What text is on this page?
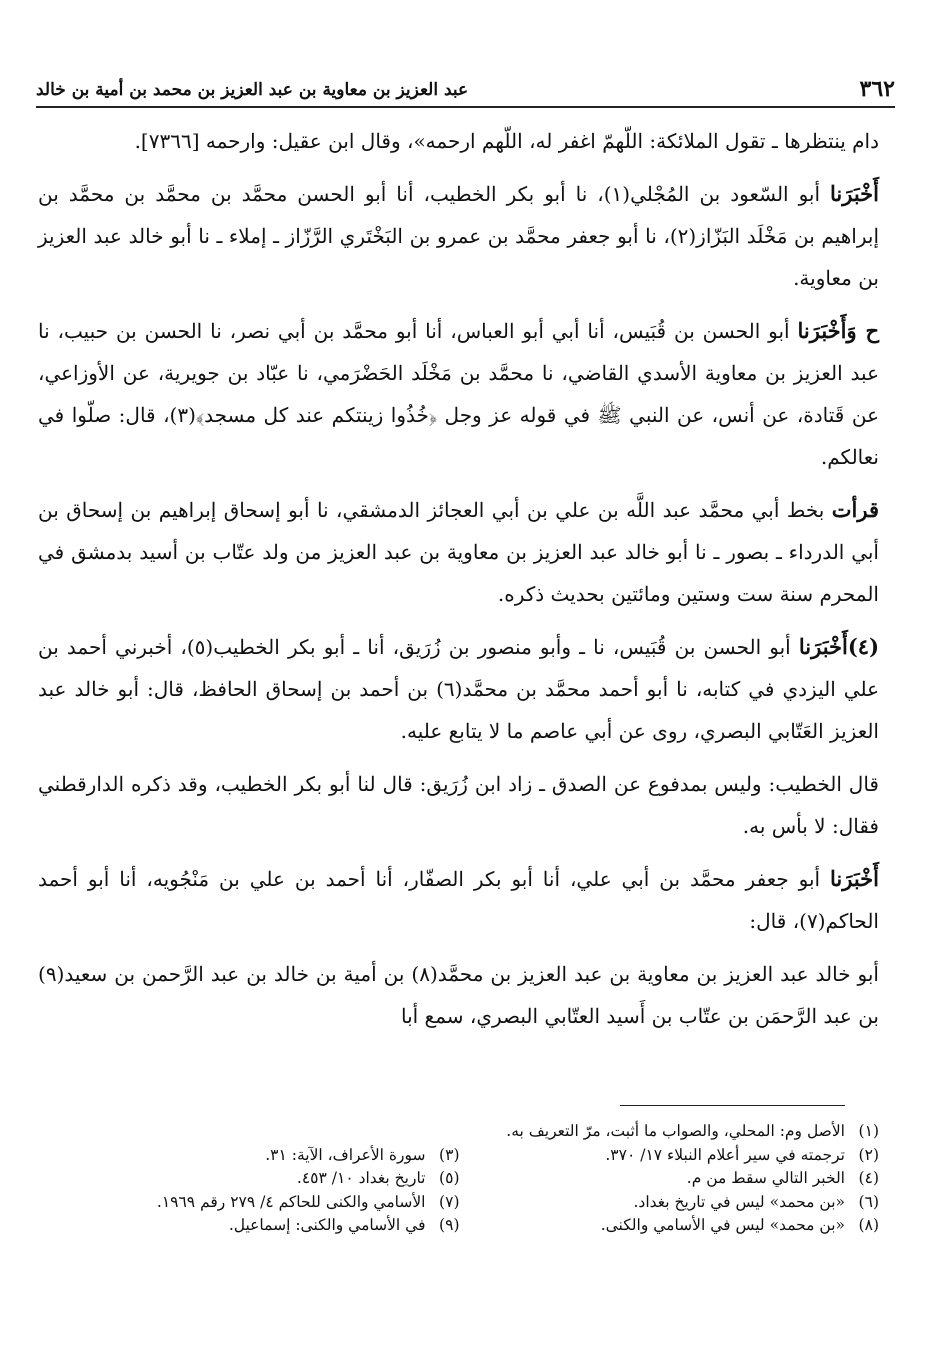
٣٦٢
عبد العزيز بن معاوية بن عبد العزيز بن محمد بن أمية بن خالد

دام ينتظرها ـ تقول الملائكة: اللّهمّ اغفر له، اللّهم ارحمه»، وقال ابن عقيل: وارحمه [٧٣٦٦].

أَخْبَرَنا أبو السّعود بن المُجْلي(١)، نا أبو بكر الخطيب، أنا أبو الحسن محمَّد بن محمَّد بن محمَّد بن إبراهيم بن مَخْلَد البَزّاز(٢)، نا أبو جعفر محمَّد بن عمرو بن البَخْتَري الرَّزّاز ـ إملاء ـ نا أبو خالد عبد العزيز بن معاوية.

ح وَأَخْبَرَنا أبو الحسن بن قُبَيس، أنا أبي أبو العباس، أنا أبو محمَّد بن أبي نصر، نا الحسن بن حبيب، نا عبد العزيز بن معاوية الأسدي القاضي، نا محمَّد بن مَخْلَد الحَضْرَمي، نا عبّاد بن جويرية، عن الأوزاعي، عن قَتادة، عن أنس، عن النبي ﷺ في قوله عز وجل ﴿خُذُوا زينتكم عند كل مسجد﴾(٣)، قال: صلّوا في نعالكم.

قرأت بخط أبي محمَّد عبد اللَّه بن علي بن أبي العجائز الدمشقي، نا أبو إسحاق إبراهيم بن إسحاق بن أبي الدرداء ـ بصور ـ نا أبو خالد عبد العزيز بن معاوية بن عبد العزيز من ولد عتّاب بن أسيد بدمشق في المحرم سنة ست وستين ومائتين بحديث ذكره.

(٤)أَخْبَرَنا أبو الحسن بن قُبَيس، نا ـ وأبو منصور بن زُرَيق، أنا ـ أبو بكر الخطيب(٥)، أخبرني أحمد بن علي اليزدي في كتابه، نا أبو أحمد محمَّد بن محمَّد(٦) بن أحمد بن إسحاق الحافظ، قال: أبو خالد عبد العزيز العَتّابي البصري، روى عن أبي عاصم ما لا يتابع عليه.

قال الخطيب: وليس بمدفوع عن الصدق ـ زاد ابن زُرَيق: قال لنا أبو بكر الخطيب، وقد ذكره الدارقطني فقال: لا بأس به.

أَخْبَرَنا أبو جعفر محمَّد بن أبي علي، أنا أبو بكر الصفّار، أنا أحمد بن علي بن مَنْجُويه، أنا أبو أحمد الحاكم(٧)، قال:

أبو خالد عبد العزيز بن معاوية بن عبد العزيز بن محمَّد(٨) بن أمية بن خالد بن عبد الرَّحمن بن سعيد(٩) بن عبد الرَّحمَن بن عتّاب بن أَسيد العتّابي البصري، سمع أبا

(١)الأصل وم: المحلي، والصواب ما أثبت، مرّ التعريف به.
(٢)ترجمته في سير أعلام النبلاء ١٧/ ٣٧٠.
(٣)سورة الأعراف، الآية: ٣١.
(٤)الخبر التالي سقط من م.
(٥)تاريخ بغداد ١٠/ ٤٥٣.
(٦)«بن محمد» ليس في تاريخ بغداد.
(٧)الأسامي والكنى للحاكم ٤/ ٢٧٩ رقم ١٩٦٩.
(٨)«بن محمد» ليس في الأسامي والكنى.
(٩)في الأسامي والكنى: إسماعيل.
